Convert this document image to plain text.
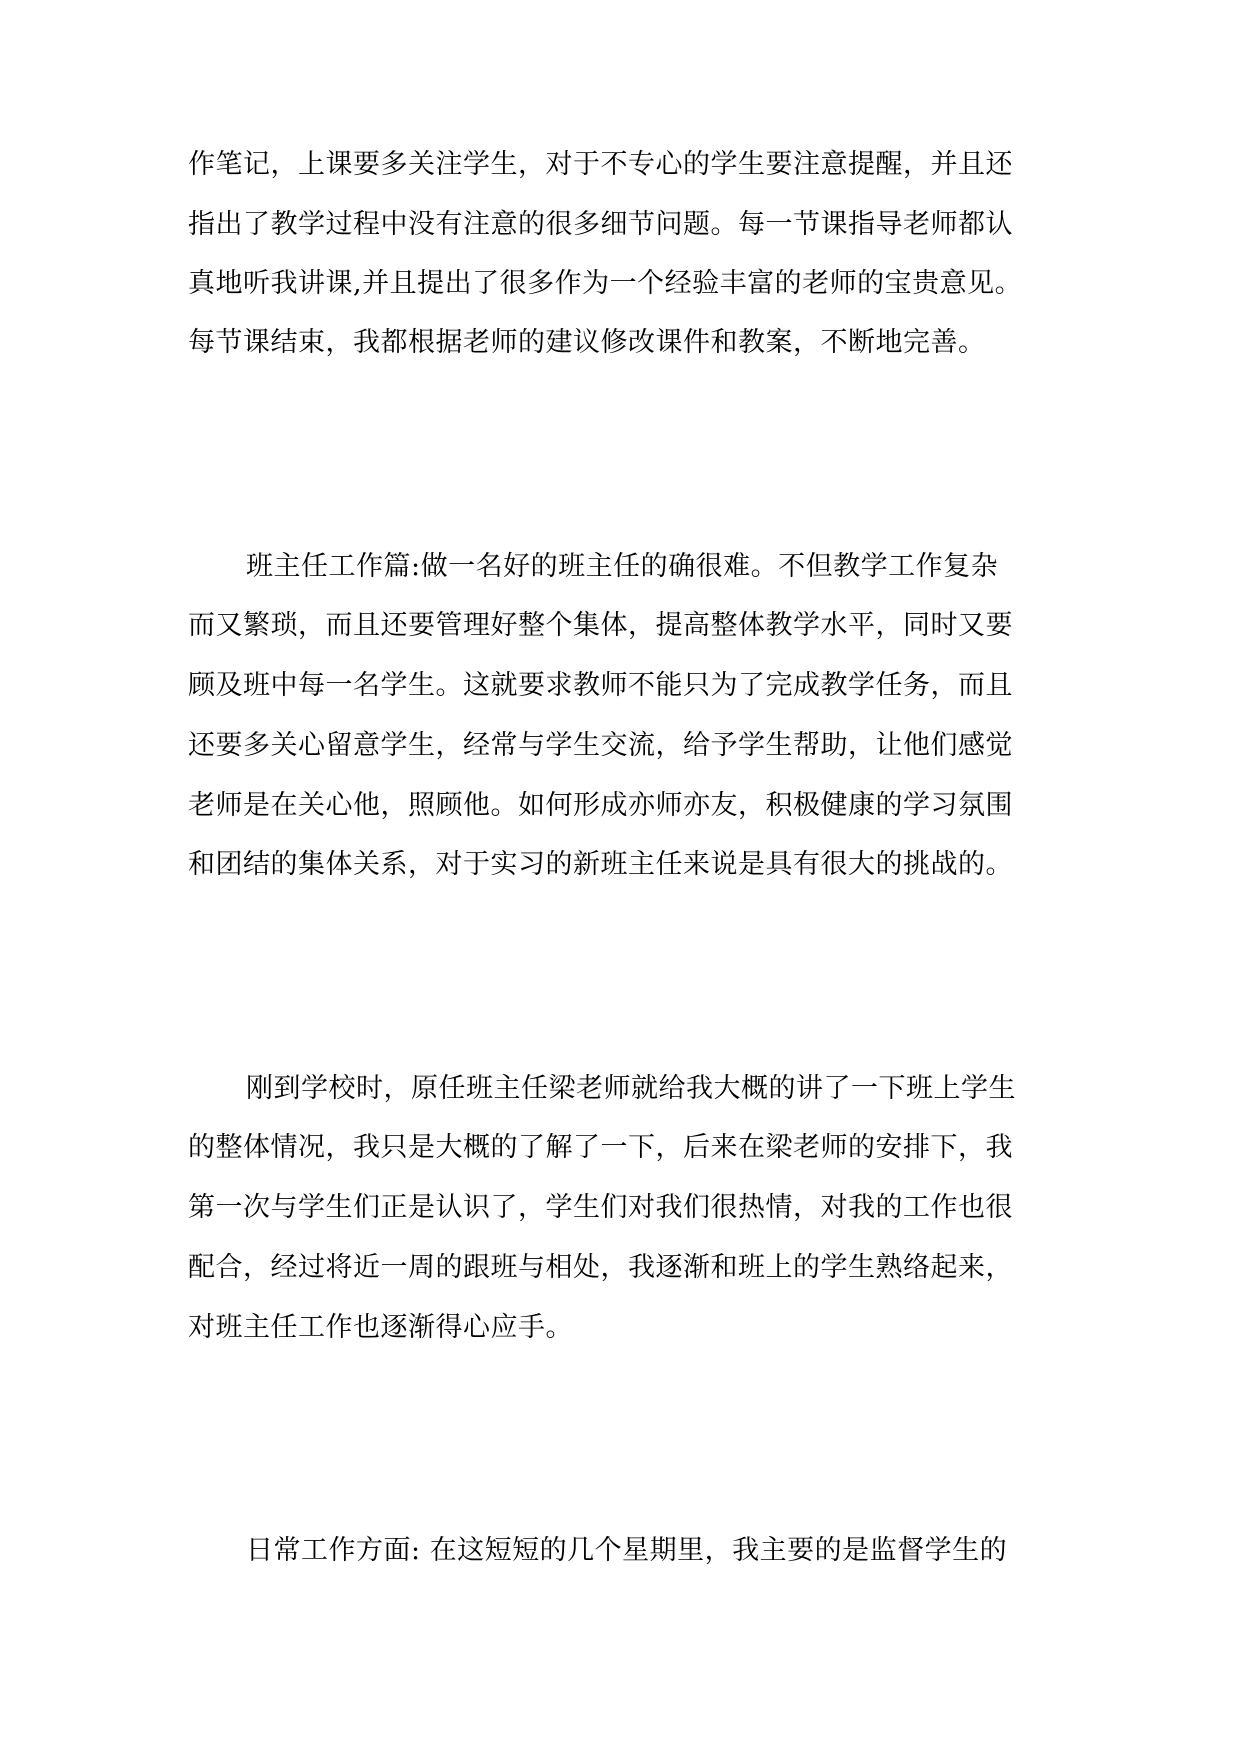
作笔记，上课要多关注学生，对于不专心的学生要注意提醒，并且还
指出了教学过程中没有注意的很多细节问题。每一节课指导老师都认
真地听我讲课,并且提出了很多作为一个经验丰富的老师的宝贵意见。
每节课结束，我都根据老师的建议修改课件和教案，不断地完善。
班主任工作篇:做一名好的班主任的确很难。不但教学工作复杂
而又繁琐，而且还要管理好整个集体，提高整体教学水平，同时又要
顾及班中每一名学生。这就要求教师不能只为了完成教学任务，而且
还要多关心留意学生，经常与学生交流，给予学生帮助，让他们感觉
老师是在关心他，照顾他。如何形成亦师亦友，积极健康的学习氛围
和团结的集体关系，对于实习的新班主任来说是具有很大的挑战的。
刚到学校时，原任班主任梁老师就给我大概的讲了一下班上学生
的整体情况，我只是大概的了解了一下，后来在梁老师的安排下，我
第一次与学生们正是认识了，学生们对我们很热情，对我的工作也很
配合，经过将近一周的跟班与相处，我逐渐和班上的学生熟络起来，
对班主任工作也逐渐得心应手。
日常工作方面: 在这短短的几个星期里，我主要的是监督学生的
